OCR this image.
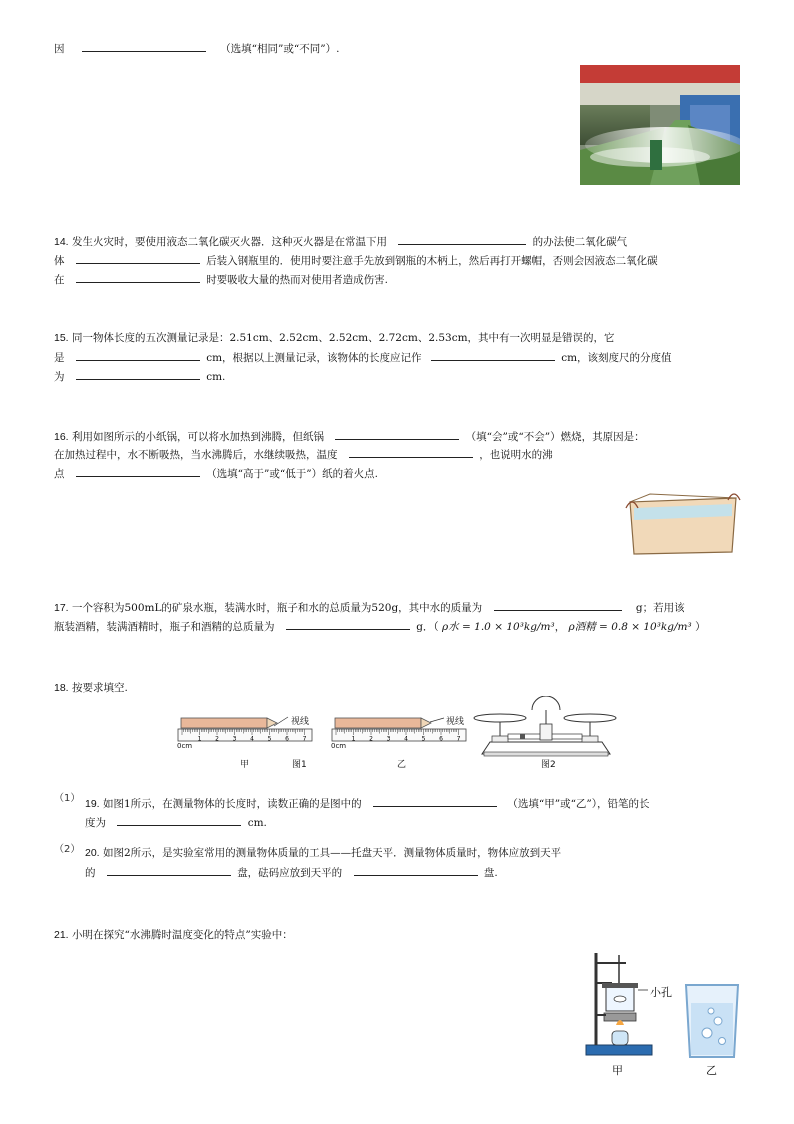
因	（选填“相同”或“不同”）.
14. 发生火灾时，要使用液态二氧化碳灭火器．这种灭火器是在常温下用	的办法使二氧化碳气
体	后装入钢瓶里的．使用时要注意手先放到钢瓶的木柄上，然后再打开螺帽，否则会因液态二氧化碳
在	时要吸收大量的热而对使用者造成伤害.
15. 同一物体长度的五次测量记录是：2.51cm、2.52cm、2.52cm、2.72cm、2.53cm，其中有一次明显是错误的，它
是	cm，根据以上测量记录，该物体的长度应记作	cm，该刻度尺的分度值
为	cm.
16. 利用如图所示的小纸锅，可以将水加热到沸腾，但纸锅	（填“会”或“不会”）燃烧，其原因是：
在加热过程中，水不断吸热，当水沸腾后，水继续吸热，温度	，也说明水的沸
点	（选填“高于”或“低于”）纸的着火点.
17. 一个容积为500mL的矿泉水瓶，装满水时，瓶子和水的总质量为520g，其中水的质量为	g；若用该
瓶装酒精，装满酒精时，瓶子和酒精的总质量为	g．（ ρ水 = 1.0 × 10³kg/m³， ρ酒精 = 0.8 × 10³kg/m³ ）
18. 按要求填空.
1 2 3 4 5 6 7
视线
0cm
甲	图1
1 2 3 4 5 6 7
视线
0cm
乙	图2
（1） 19. 如图1所示，在测量物体的长度时，读数正确的是图中的	（选填“甲”或“乙”），铅笔的长
度为	cm.
（2） 20. 如图2所示，是实验室常用的测量物体质量的工具——托盘天平．测量物体质量时，物体应放到天平
的	盘，砝码应放到天平的	盘.
21. 小明在探究“水沸腾时温度变化的特点”实验中：
小孔
甲	乙
